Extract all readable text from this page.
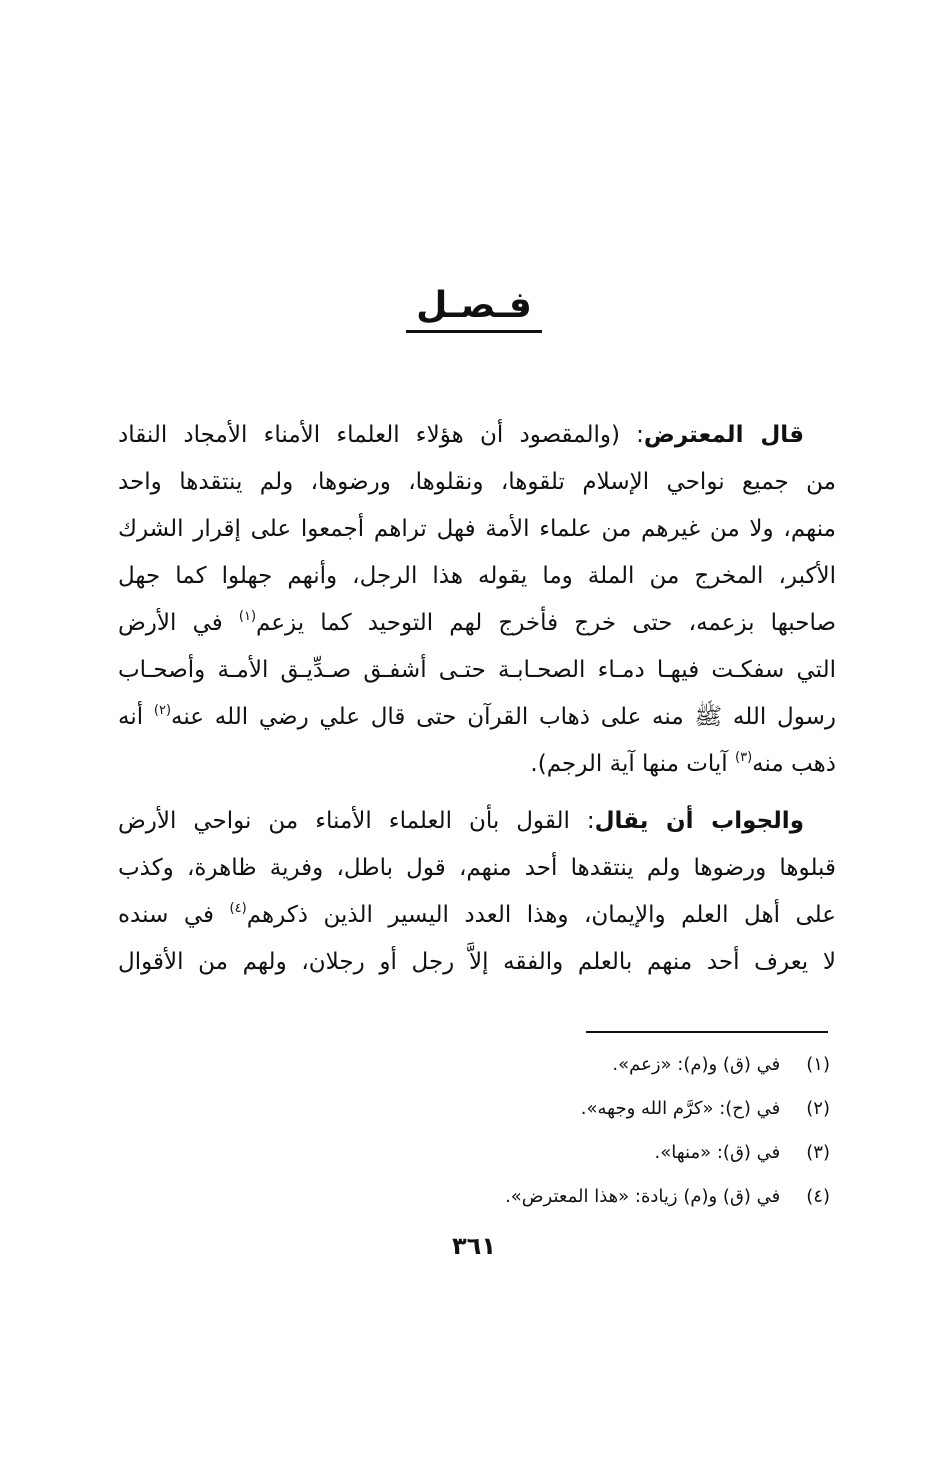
فـصـل
قال المعترض: (والمقصود أن هؤلاء العلماء الأمناء الأمجاد النقاد
من جميع نواحي الإسلام تلقوها، ونقلوها، ورضوها، ولم ينتقدها واحد
منهم، ولا من غيرهم من علماء الأمة فهل تراهم أجمعوا على إقرار الشرك
الأكبر، المخرج من الملة وما يقوله هذا الرجل، وأنهم جهلوا كما جهل
صاحبها بزعمه، حتى خرج فأخرج لهم التوحيد كما يزعم$^{(١)}$ في الأرض
التي سفكـت فيهـا دمـاء الصحـابـة حتـى أشفـق صـدِّيـق الأمـة وأصحـاب
رسول الله ﷺ منه على ذهاب القرآن حتى قال علي رضي الله عنه$^{(٢)}$ أنه
ذهب منه$^{(٣)}$ آيات منها آية الرجم).
والجواب أن يقال: القول بأن العلماء الأمناء من نواحي الأرض
قبلوها ورضوها ولم ينتقدها أحد منهم، قول باطل، وفرية ظاهرة، وكذب
على أهل العلم والإيمان، وهذا العدد اليسير الذين ذكرهم$^{(٤)}$ في سنده
لا يعرف أحد منهم بالعلم والفقه إلاَّ رجل أو رجلان، ولهم من الأقوال
(١) في (ق) و(م): «زعم».
(٢) في (ح): «كرَّم الله وجهه».
(٣) في (ق): «منها».
(٤) في (ق) و(م) زيادة: «هذا المعترض».
٣٦١
